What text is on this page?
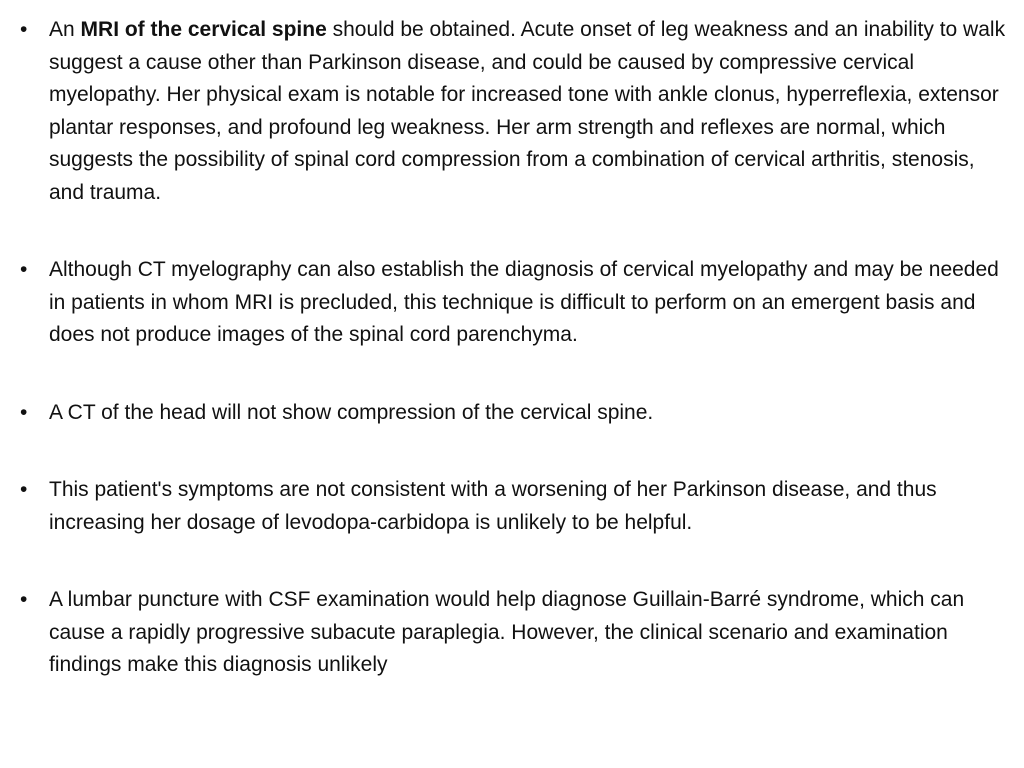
• An MRI of the cervical spine should be obtained. Acute onset of leg weakness and an inability to walk suggest a cause other than Parkinson disease, and could be caused by compressive cervical myelopathy. Her physical exam is notable for increased tone with ankle clonus, hyperreflexia, extensor plantar responses, and profound leg weakness. Her arm strength and reflexes are normal, which suggests the possibility of spinal cord compression from a combination of cervical arthritis, stenosis, and trauma.
• Although CT myelography can also establish the diagnosis of cervical myelopathy and may be needed in patients in whom MRI is precluded, this technique is difficult to perform on an emergent basis and does not produce images of the spinal cord parenchyma.
• A CT of the head will not show compression of the cervical spine.
• This patient's symptoms are not consistent with a worsening of her Parkinson disease, and thus increasing her dosage of levodopa-carbidopa is unlikely to be helpful.
• A lumbar puncture with CSF examination would help diagnose Guillain-Barré syndrome, which can cause a rapidly progressive subacute paraplegia. However, the clinical scenario and examination findings make this diagnosis unlikely
